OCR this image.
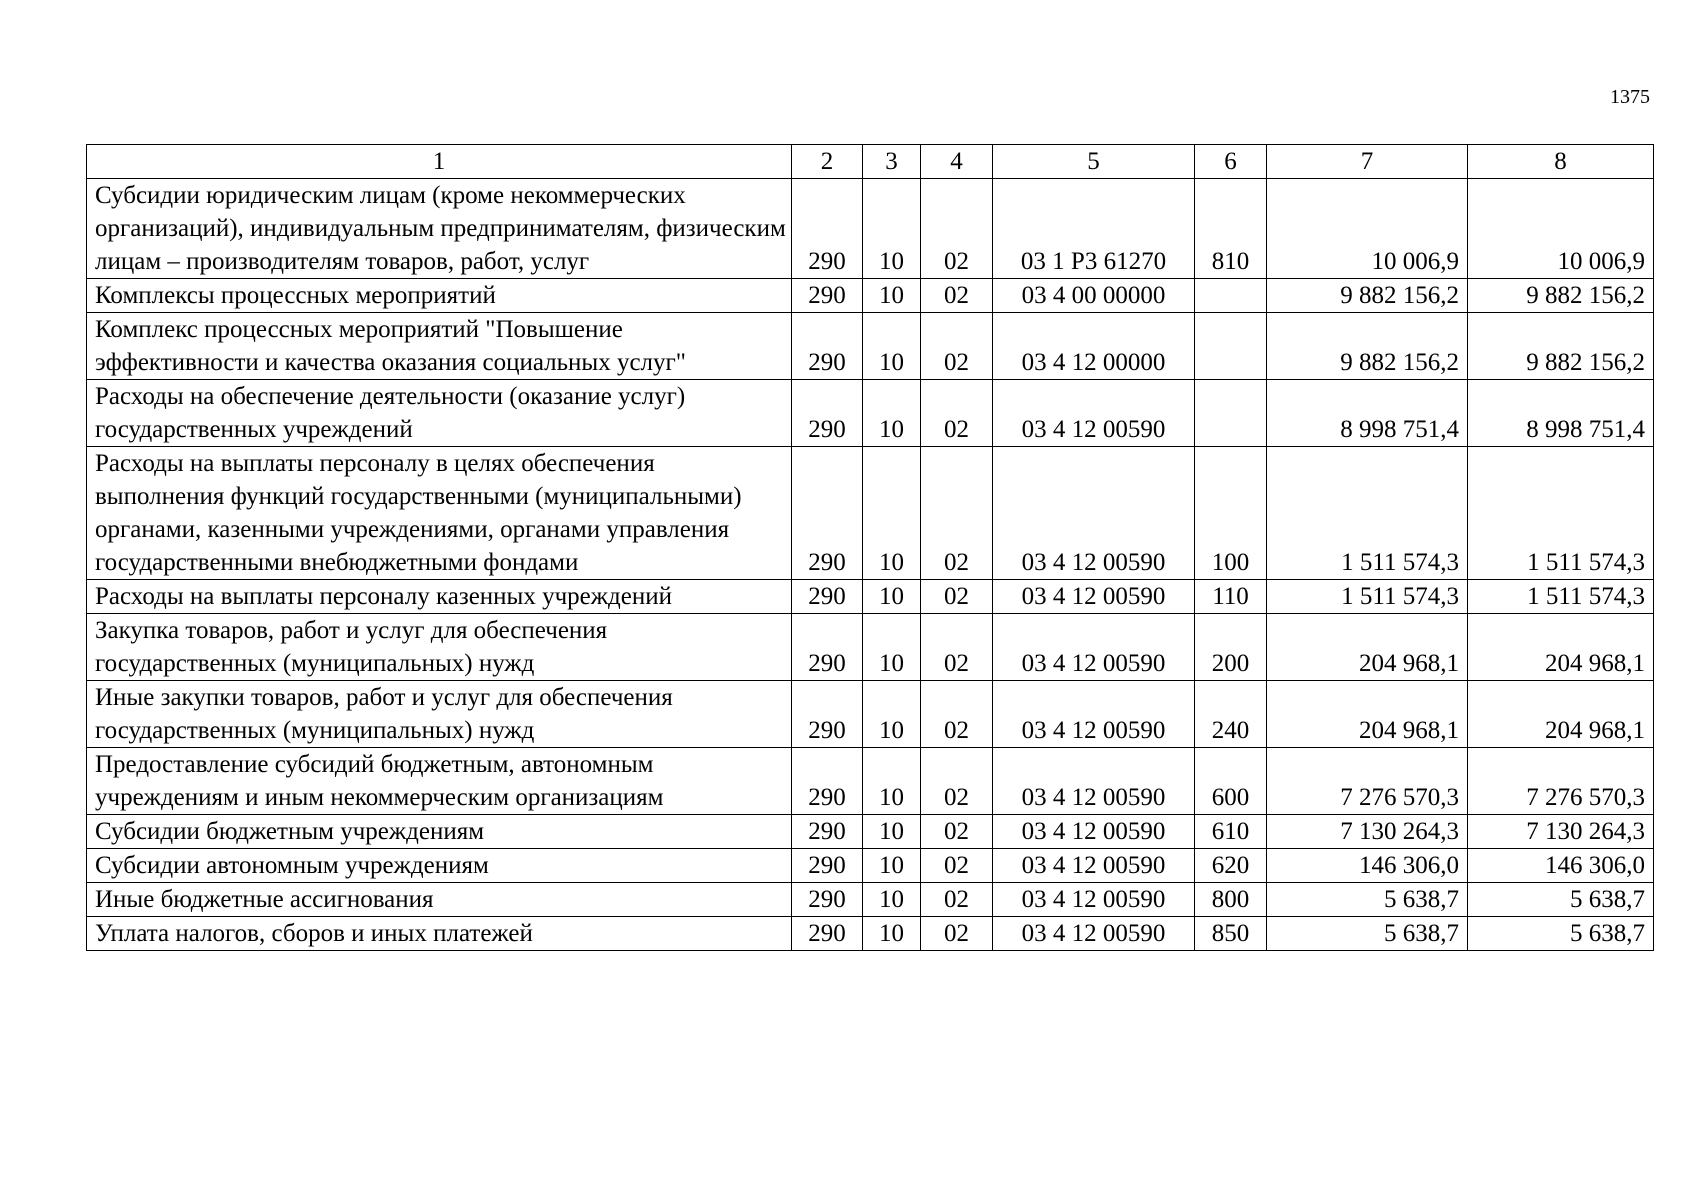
1375
1	2	3	4	5	6	7	8
Субсидии юридическим лицам (кроме некоммерческих организаций), индивидуальным предпринимателям, физическим лицам – производителям товаров, работ, услуг	290	10	02	03 1 Р3 61270	810	10 006,9	10 006,9
Комплексы процессных мероприятий	290	10	02	03 4 00 00000		9 882 156,2	9 882 156,2
Комплекс процессных мероприятий "Повышение эффективности и качества оказания социальных услуг"	290	10	02	03 4 12 00000		9 882 156,2	9 882 156,2
Расходы на обеспечение деятельности (оказание услуг) государственных учреждений	290	10	02	03 4 12 00590		8 998 751,4	8 998 751,4
Расходы на выплаты персоналу в целях обеспечения выполнения функций государственными (муниципальными) органами, казенными учреждениями, органами управления государственными внебюджетными фондами	290	10	02	03 4 12 00590	100	1 511 574,3	1 511 574,3
Расходы на выплаты персоналу казенных учреждений	290	10	02	03 4 12 00590	110	1 511 574,3	1 511 574,3
Закупка товаров, работ и услуг для обеспечения государственных (муниципальных) нужд	290	10	02	03 4 12 00590	200	204 968,1	204 968,1
Иные закупки товаров, работ и услуг для обеспечения государственных (муниципальных) нужд	290	10	02	03 4 12 00590	240	204 968,1	204 968,1
Предоставление субсидий бюджетным, автономным учреждениям и иным некоммерческим организациям	290	10	02	03 4 12 00590	600	7 276 570,3	7 276 570,3
Субсидии бюджетным учреждениям	290	10	02	03 4 12 00590	610	7 130 264,3	7 130 264,3
Субсидии автономным учреждениям	290	10	02	03 4 12 00590	620	146 306,0	146 306,0
Иные бюджетные ассигнования	290	10	02	03 4 12 00590	800	5 638,7	5 638,7
Уплата налогов, сборов и иных платежей	290	10	02	03 4 12 00590	850	5 638,7	5 638,7
